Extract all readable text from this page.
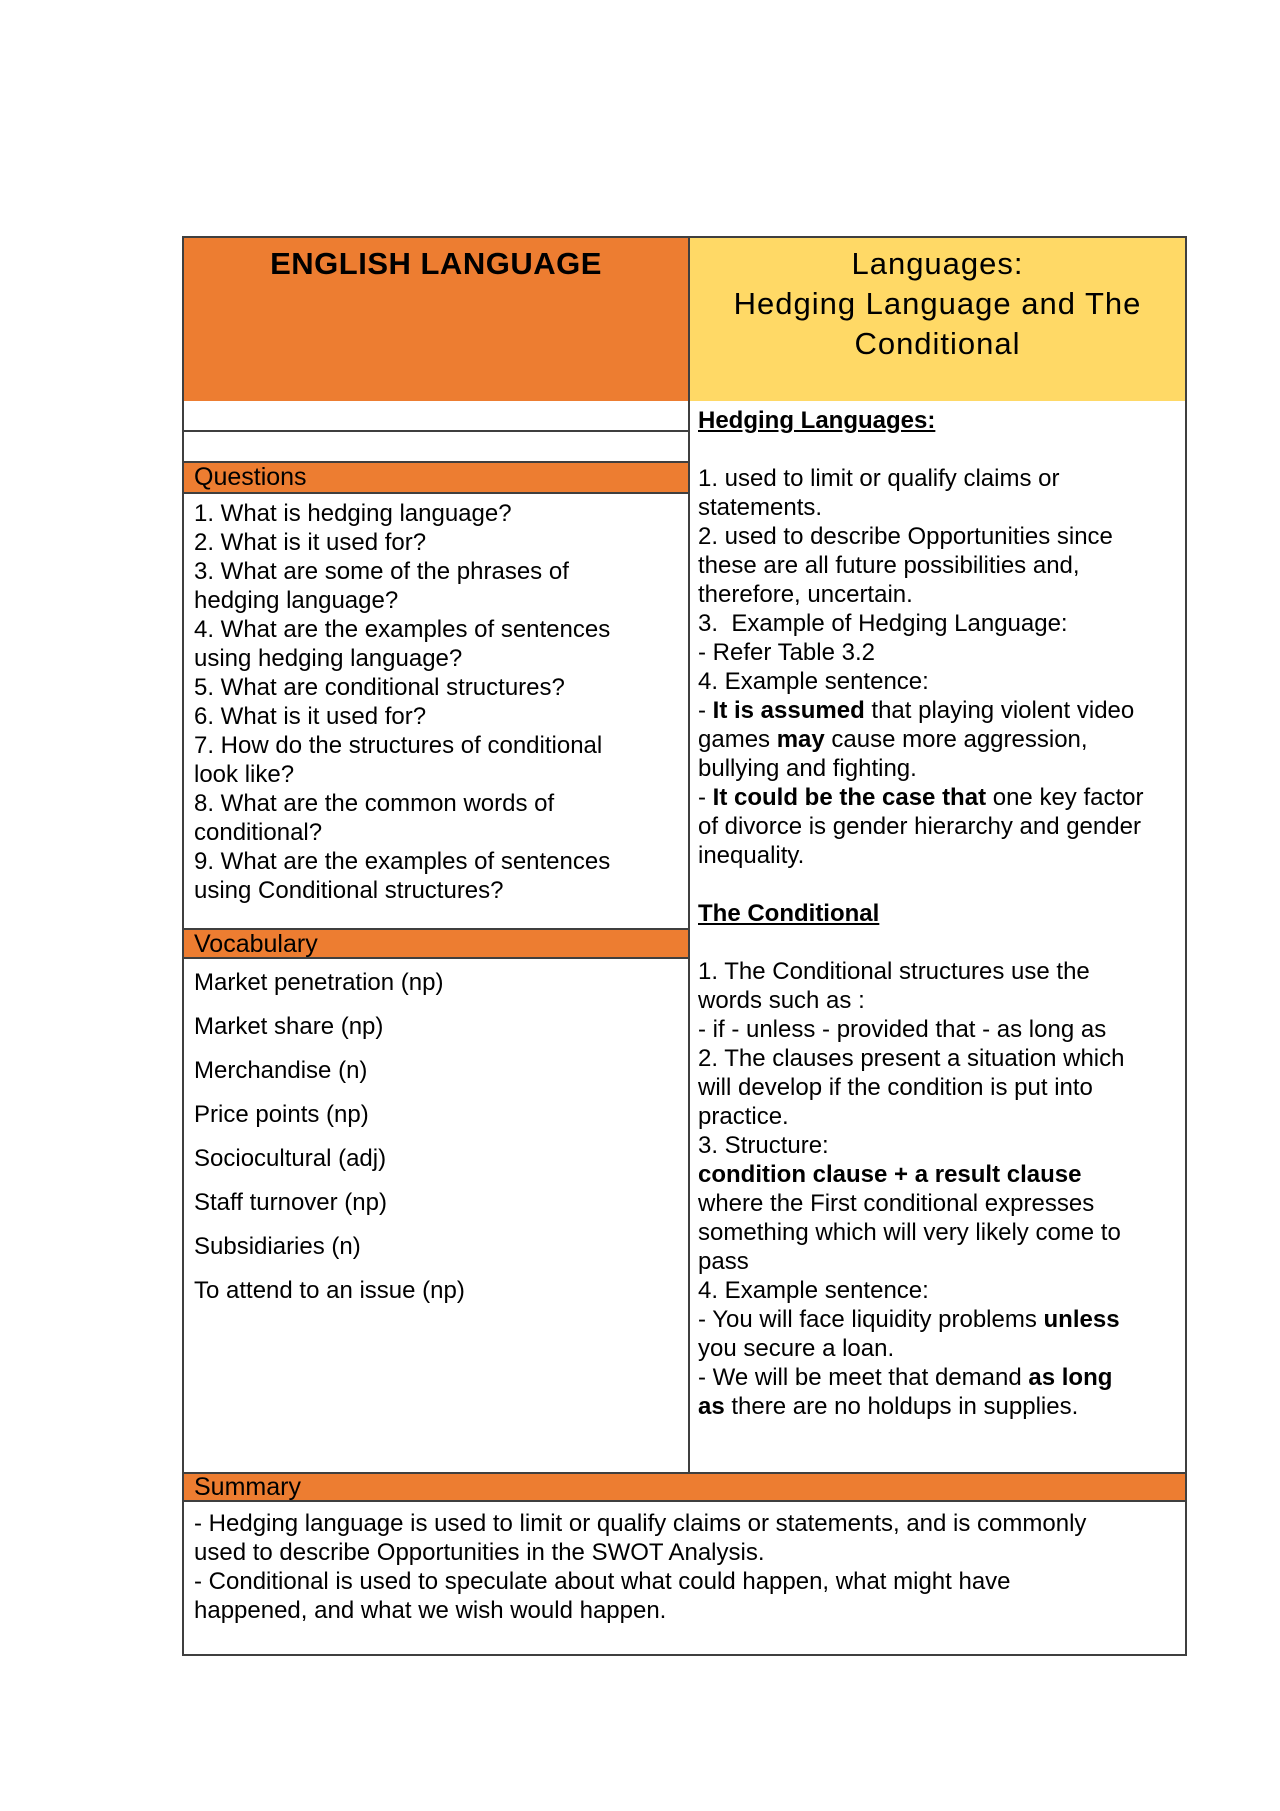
ENGLISH LANGUAGE	Languages:
Hedging Language and The
Conditional
Questions
1. What is hedging language?
2. What is it used for?
3. What are some of the phrases of
hedging language?
4. What are the examples of sentences
using hedging language?
5. What are conditional structures?
6. What is it used for?
7. How do the structures of conditional
look like?
8. What are the common words of
conditional?
9. What are the examples of sentences
using Conditional structures?
Vocabulary
Market penetration (np)
Market share (np)
Merchandise (n)
Price points (np)
Sociocultural (adj)
Staff turnover (np)
Subsidiaries (n)
To attend to an issue (np)
Hedging Languages:

1. used to limit or qualify claims or
statements.
2. used to describe Opportunities since
these are all future possibilities and,
therefore, uncertain.
3.  Example of Hedging Language:
- Refer Table 3.2
4. Example sentence:
- It is assumed that playing violent video
games may cause more aggression,
bullying and fighting.
- It could be the case that one key factor
of divorce is gender hierarchy and gender
inequality.

The Conditional

1. The Conditional structures use the
words such as :
- if - unless - provided that - as long as
2. The clauses present a situation which
will develop if the condition is put into
practice.
3. Structure:
condition clause + a result clause
where the First conditional expresses
something which will very likely come to
pass
4. Example sentence:
- You will face liquidity problems unless
you secure a loan.
- We will be meet that demand as long
as there are no holdups in supplies.
Summary
- Hedging language is used to limit or qualify claims or statements, and is commonly
used to describe Opportunities in the SWOT Analysis.
- Conditional is used to speculate about what could happen, what might have
happened, and what we wish would happen.
